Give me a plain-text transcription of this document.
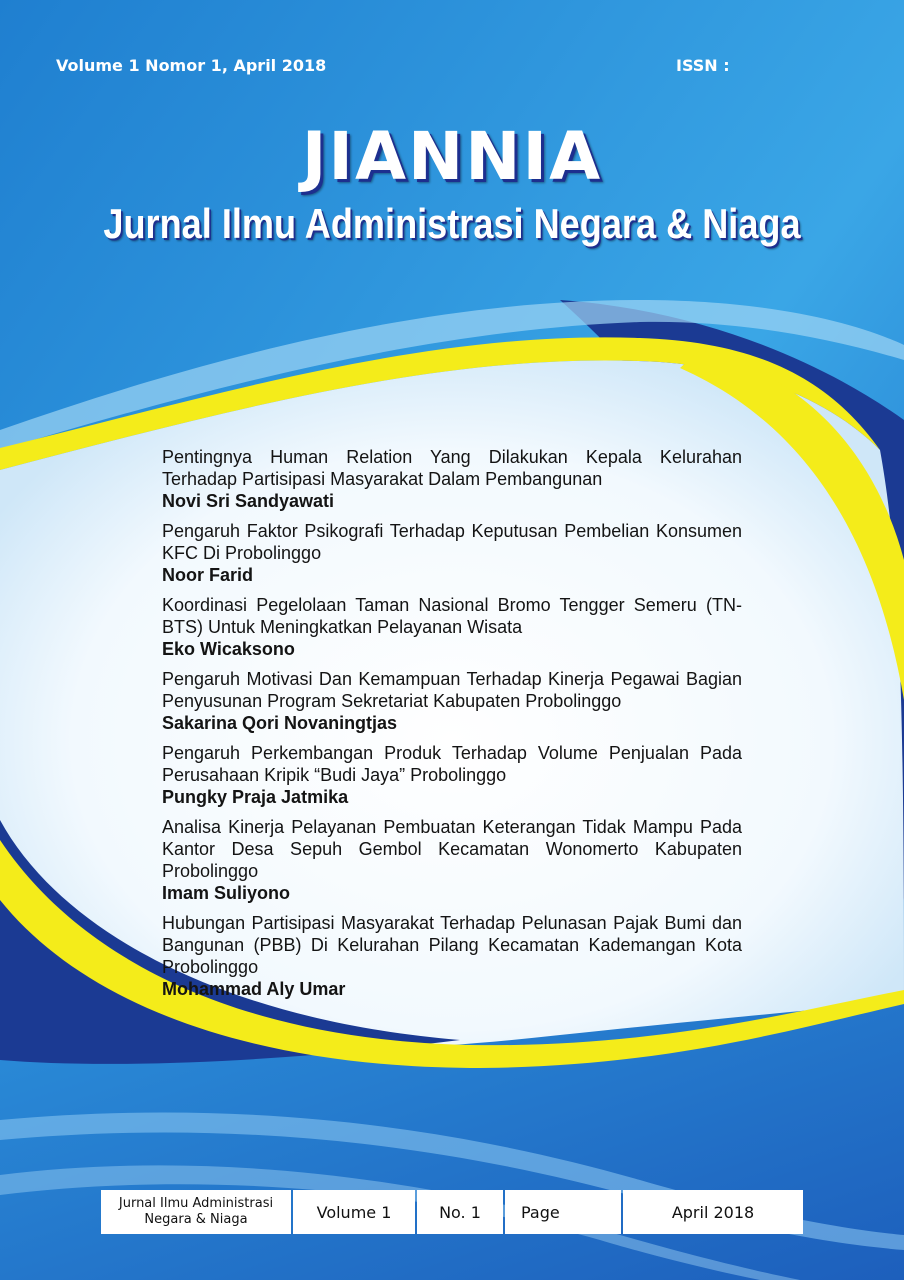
Volume 1 Nomor 1, April 2018	ISSN :
JIANNIA
Jurnal Ilmu Administrasi Negara & Niaga
Pentingnya Human Relation Yang Dilakukan Kepala Kelurahan Terhadap Partisipasi Masyarakat Dalam Pembangunan
Novi Sri Sandyawati
Pengaruh Faktor Psikografi Terhadap Keputusan Pembelian Konsumen KFC Di Probolinggo
Noor Farid
Koordinasi Pegelolaan Taman Nasional Bromo Tengger Semeru (TN-BTS) Untuk Meningkatkan Pelayanan Wisata
Eko Wicaksono
Pengaruh Motivasi Dan Kemampuan Terhadap Kinerja Pegawai Bagian Penyusunan Program Sekretariat Kabupaten Probolinggo
Sakarina Qori Novaningtjas
Pengaruh Perkembangan Produk Terhadap Volume Penjualan Pada Perusahaan Kripik “Budi Jaya” Probolinggo
Pungky Praja Jatmika
Analisa Kinerja Pelayanan Pembuatan Keterangan Tidak Mampu Pada Kantor Desa Sepuh Gembol Kecamatan Wonomerto Kabupaten Probolinggo
Imam Suliyono
Hubungan Partisipasi Masyarakat Terhadap Pelunasan Pajak Bumi dan Bangunan (PBB) Di Kelurahan Pilang Kecamatan Kademangan Kota Probolinggo
Mohammad Aly Umar
Jurnal Ilmu Administrasi
Negara & Niaga	Volume 1	No. 1	Page	April 2018
